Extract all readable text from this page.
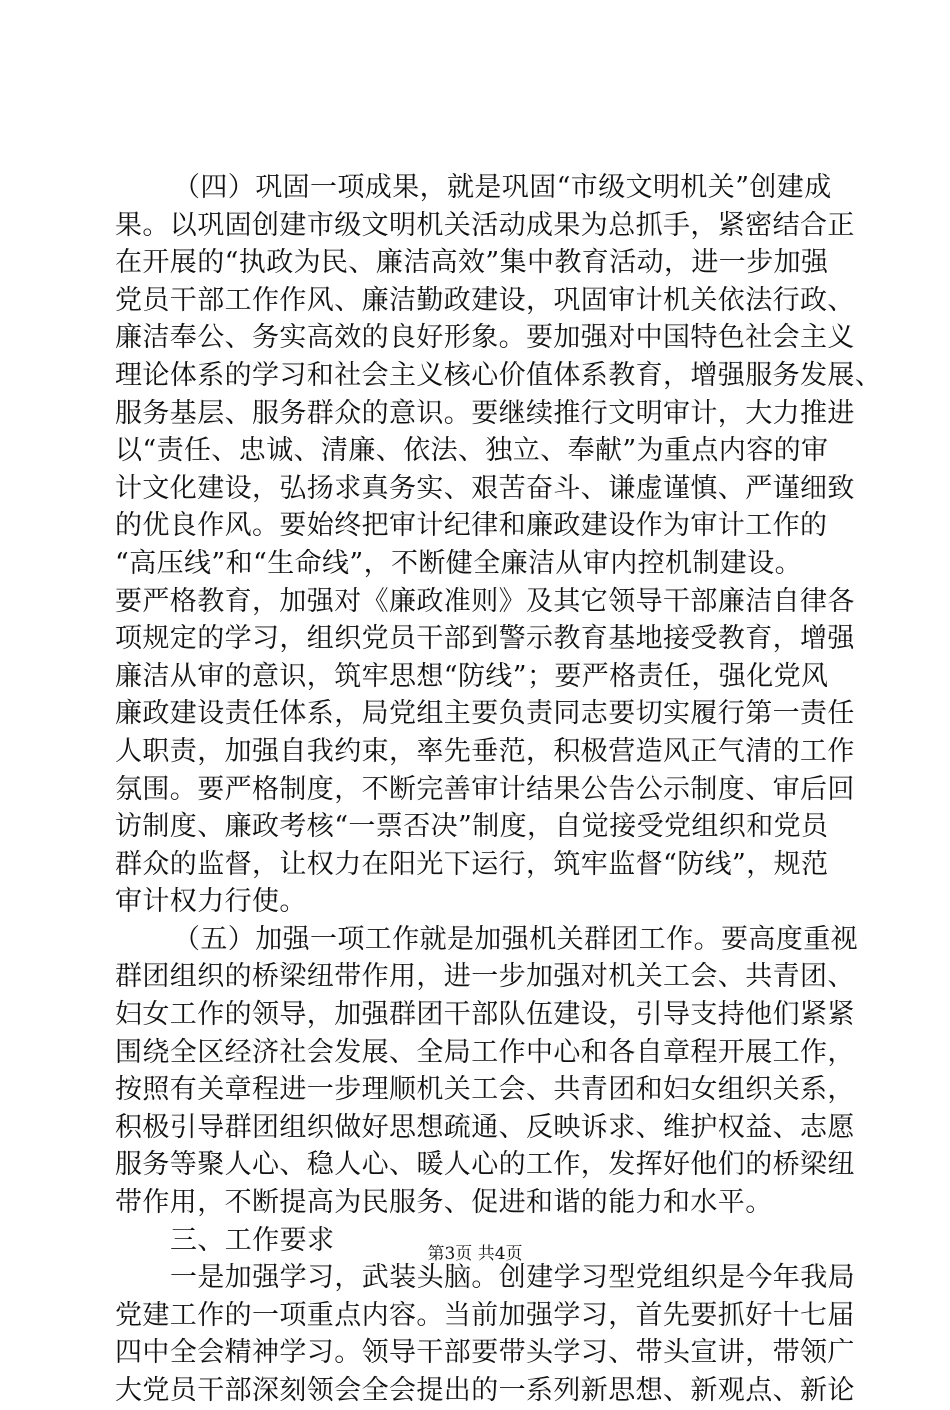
（四）巩固一项成果，就是巩固“市级文明机关”创建成
果。以巩固创建市级文明机关活动成果为总抓手，紧密结合正
在开展的“执政为民、廉洁高效”集中教育活动，进一步加强
党员干部工作作风、廉洁勤政建设，巩固审计机关依法行政、
廉洁奉公、务实高效的良好形象。要加强对中国特色社会主义
理论体系的学习和社会主义核心价值体系教育，增强服务发展、
服务基层、服务群众的意识。要继续推行文明审计，大力推进
以“责任、忠诚、清廉、依法、独立、奉献”为重点内容的审
计文化建设，弘扬求真务实、艰苦奋斗、谦虚谨慎、严谨细致
的优良作风。要始终把审计纪律和廉政建设作为审计工作的
“高压线”和“生命线”，不断健全廉洁从审内控机制建设。
要严格教育，加强对《廉政准则》及其它领导干部廉洁自律各
项规定的学习，组织党员干部到警示教育基地接受教育，增强
廉洁从审的意识，筑牢思想“防线”；要严格责任，强化党风
廉政建设责任体系，局党组主要负责同志要切实履行第一责任
人职责，加强自我约束，率先垂范，积极营造风正气清的工作
氛围。要严格制度，不断完善审计结果公告公示制度、审后回
访制度、廉政考核“一票否决”制度，自觉接受党组织和党员
群众的监督，让权力在阳光下运行，筑牢监督“防线”，规范
审计权力行使。
（五）加强一项工作就是加强机关群团工作。要高度重视
群团组织的桥梁纽带作用，进一步加强对机关工会、共青团、
妇女工作的领导，加强群团干部队伍建设，引导支持他们紧紧
围绕全区经济社会发展、全局工作中心和各自章程开展工作，
按照有关章程进一步理顺机关工会、共青团和妇女组织关系，
积极引导群团组织做好思想疏通、反映诉求、维护权益、志愿
服务等聚人心、稳人心、暖人心的工作，发挥好他们的桥梁纽
带作用，不断提高为民服务、促进和谐的能力和水平。
三、工作要求
一是加强学习，武装头脑。创建学习型党组织是今年我局
党建工作的一项重点内容。当前加强学习，首先要抓好十七届
四中全会精神学习。领导干部要带头学习、带头宣讲，带领广
大党员干部深刻领会全会提出的一系列新思想、新观点、新论
第3页 共4页
